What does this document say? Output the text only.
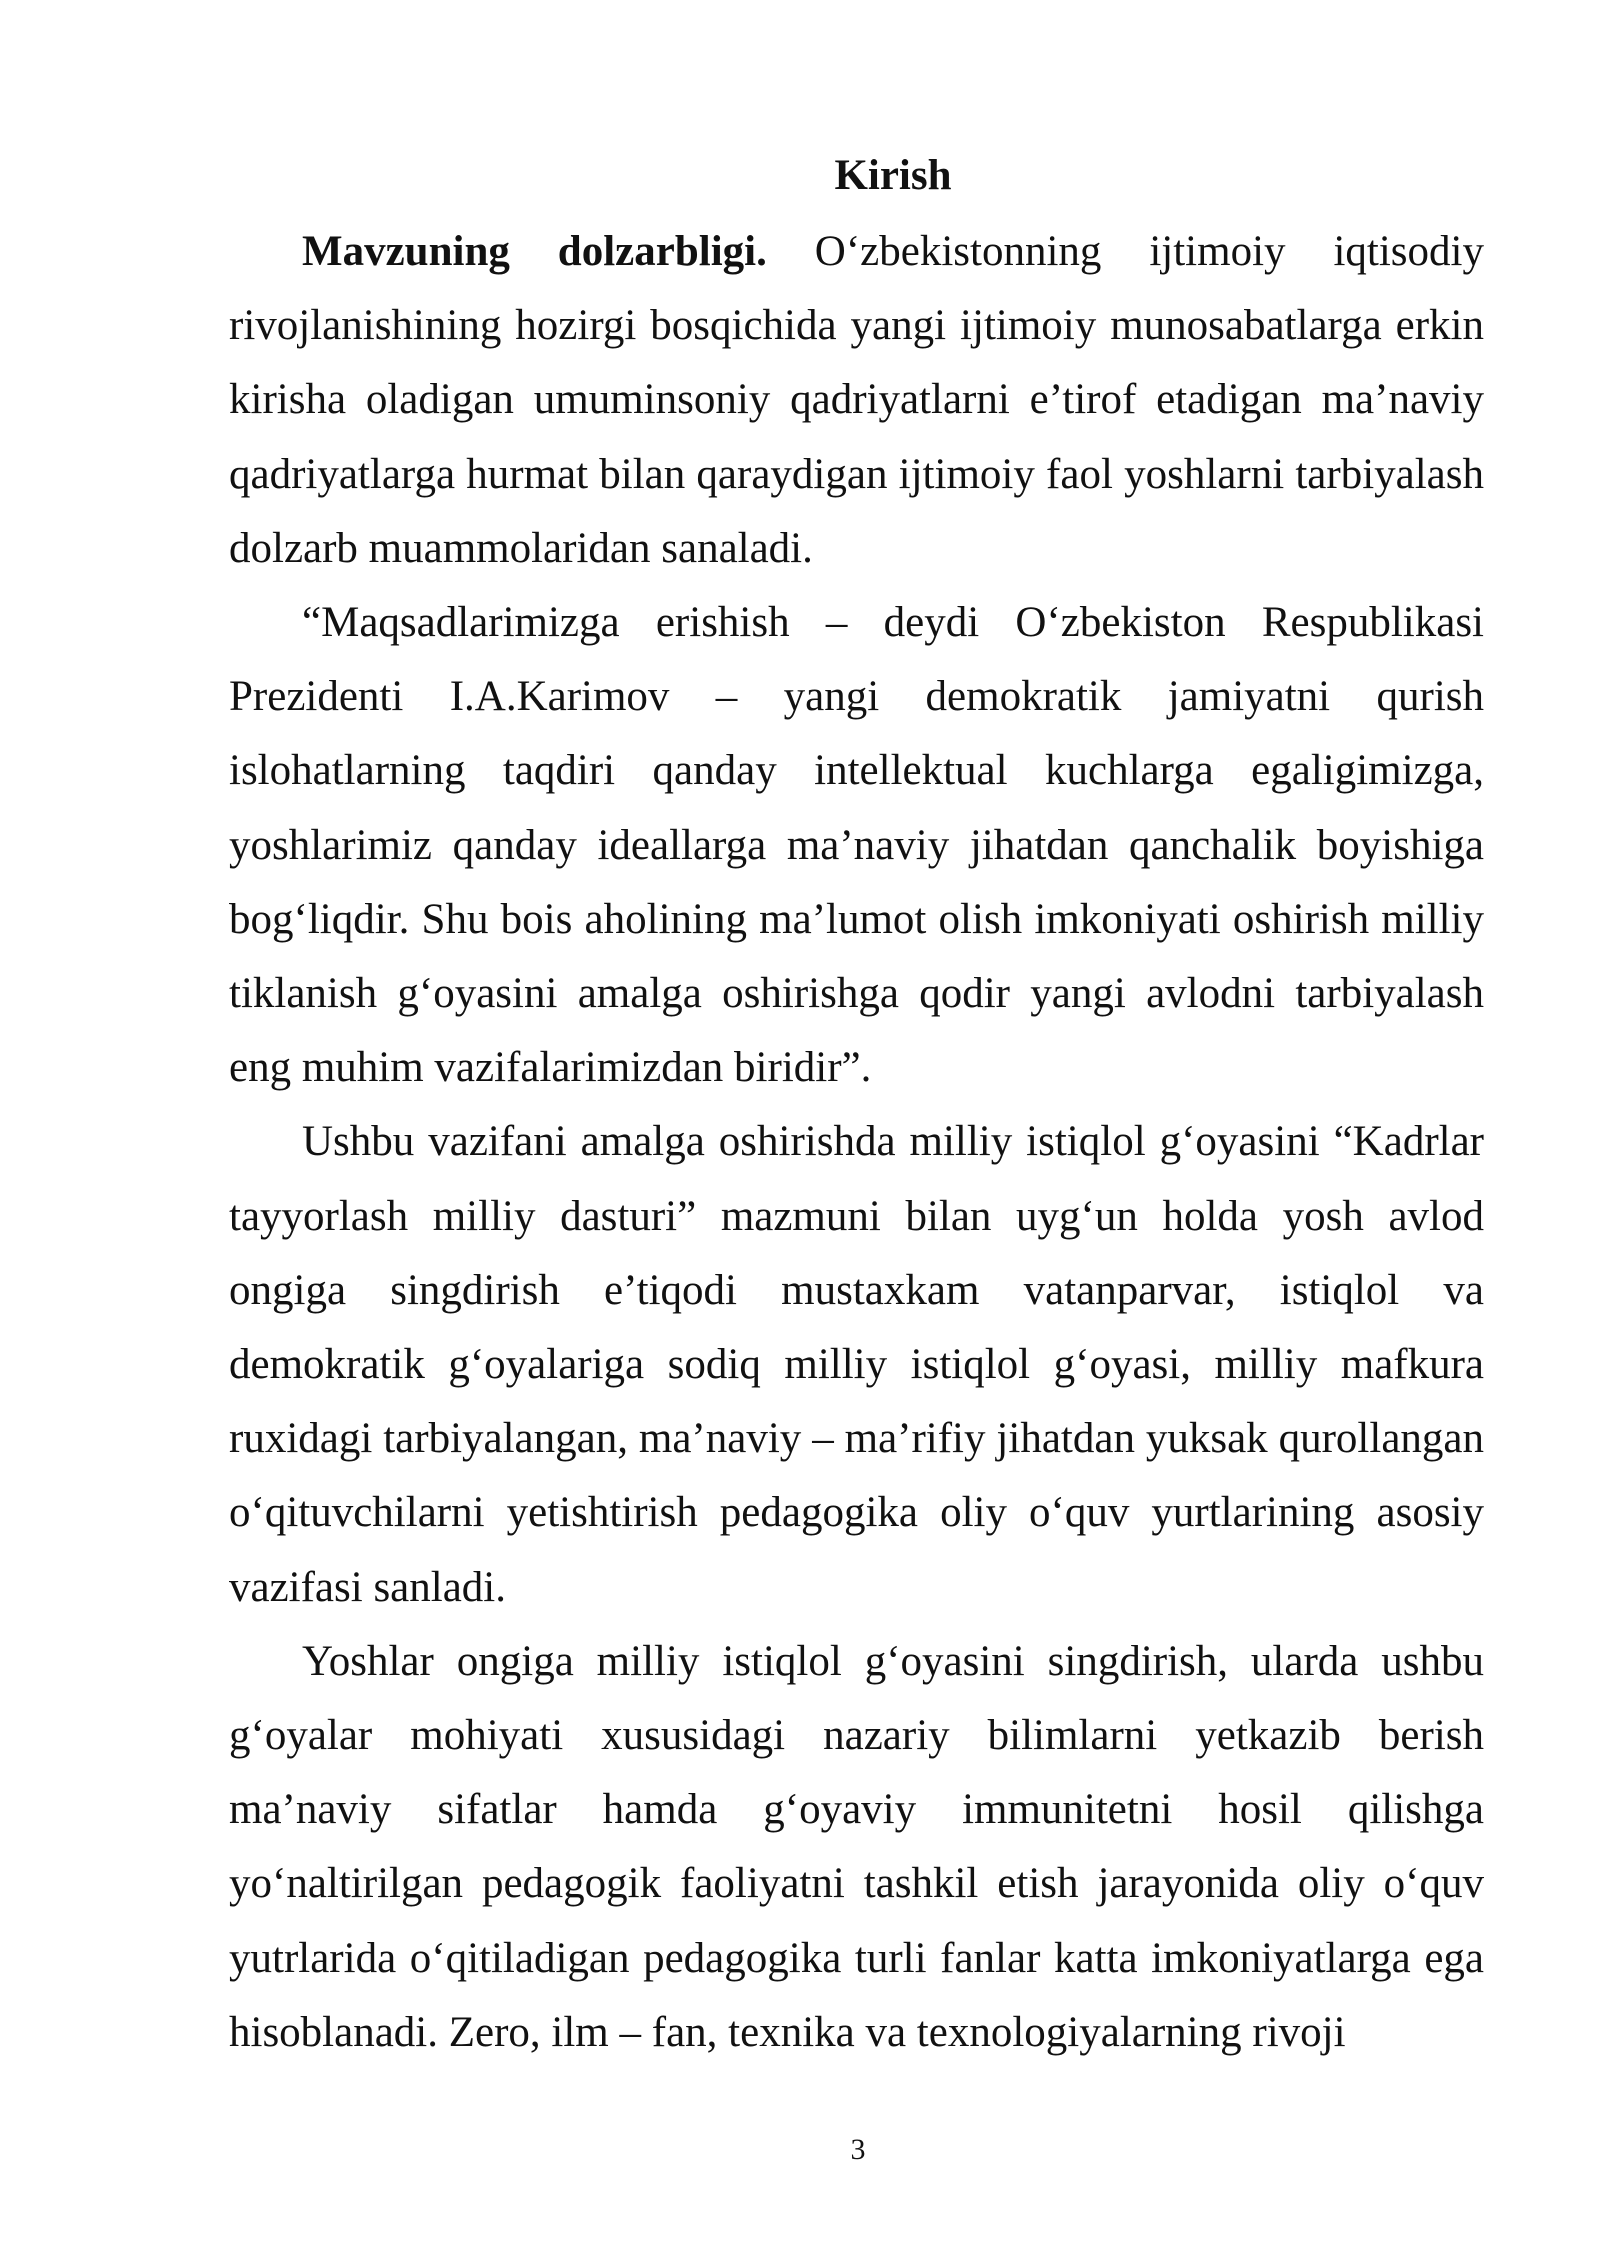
Kirish

Mavzuning dolzarbligi. O‘zbekistonning ijtimoiy iqtisodiy rivojlanishining hozirgi bosqichida yangi ijtimoiy munosabatlarga erkin kirisha oladigan umuminsoniy qadriyatlarni e’tirof etadigan ma’naviy qadriyatlarga hurmat bilan qaraydigan ijtimoiy faol yoshlarni tarbiyalash dolzarb muammolaridan sanaladi.

“Maqsadlarimizga erishish – deydi O‘zbekiston Respublikasi Prezidenti I.A.Karimov – yangi demokratik jamiyatni qurish islohatlarning taqdiri qanday intellektual kuchlarga egaligimizga, yoshlarimiz qanday ideallarga ma’naviy jihatdan qanchalik boyishiga bog‘liqdir. Shu bois aholining ma’lumot olish imkoniyati oshirish milliy tiklanish g‘oyasini amalga oshirishga qodir yangi avlodni tarbiyalash eng muhim vazifalarimizdan biridir”.

Ushbu vazifani amalga oshirishda milliy istiqlol g‘oyasini “Kadrlar tayyorlash milliy dasturi” mazmuni bilan uyg‘un holda yosh avlod ongiga singdirish e’tiqodi mustaxkam vatanparvar, istiqlol va demokratik g‘oyalariga sodiq milliy istiqlol g‘oyasi, milliy mafkura ruxidagi tarbiyalangan, ma’naviy – ma’rifiy jihatdan yuksak qurollangan o‘qituvchilarni yetishtirish pedagogika oliy o‘quv yurtlarining asosiy vazifasi sanladi.

Yoshlar ongiga milliy istiqlol g‘oyasini singdirish, ularda ushbu g‘oyalar mohiyati xususidagi nazariy bilimlarni yetkazib berish ma’naviy sifatlar hamda g‘oyaviy immunitetni hosil qilishga yo‘naltirilgan pedagogik faoliyatni tashkil etish jarayonida oliy o‘quv yutrlarida o‘qitiladigan pedagogika turli fanlar katta imkoniyatlarga ega hisoblanadi. Zero, ilm – fan, texnika va texnologiyalarning rivoji

3
